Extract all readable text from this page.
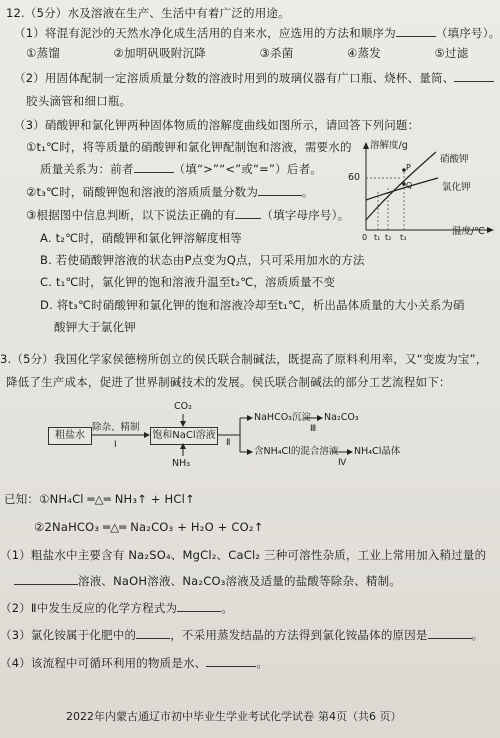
12.（5分）水及溶液在生产、生活中有着广泛的用途。
（1）将混有泥沙的天然水净化成生活用的自来水，应选用的方法和顺序为	（填序号）。
①蒸馏	②加明矾吸附沉降	③杀菌	④蒸发	⑤过滤
（2）用固体配制一定溶质质量分数的溶液时用到的玻璃仪器有广口瓶、烧杯、量筒、
胶头滴管和细口瓶。
（3）硝酸钾和氯化钾两种固体物质的溶解度曲线如图所示，请回答下列问题：
①t₁℃时，将等质量的硝酸钾和氯化钾配制饱和溶液，需要水的
质量关系为：前者	（填“>”“<”或“=”）后者。
②t₃℃时，硝酸钾饱和溶液的溶质质量分数为	。
③根据图中信息判断，以下说法正确的有 （填字母序号）。
A. t₂℃时，硝酸钾和氯化钾溶解度相等
B. 若使硝酸钾溶液的状态由P点变为Q点，只可采用加水的方法
C. t₁℃时，氯化钾的饱和溶液升温至t₂℃，溶质质量不变
D. 将t₃℃时硝酸钾和氯化钾的饱和溶液冷却至t₁℃，析出晶体质量的大小关系为硝
酸钾大于氯化钾
溶解度/g
60
硝酸钾
氯化钾
P
Q
温度/℃
0 t₁ t₂ t₃
3.（5分）我国化学家侯德榜所创立的侯氏联合制碱法，既提高了原料利用率，又“变废为宝”，
降低了生产成本，促进了世界制碱技术的发展。侯氏联合制碱法的部分工艺流程如下：
粗盐水
除杂、精制
Ⅰ
饱和NaCl溶液
CO₂
NH₃
Ⅱ
NaHCO₃沉淀 Na₂CO₃
Ⅲ
含NH₄Cl的混合溶液 NH₄Cl晶体
Ⅳ
已知：①NH₄Cl ═△═ NH₃↑ + HCl↑
②2NaHCO₃ ═△═ Na₂CO₃ + H₂O + CO₂↑
（1）粗盐水中主要含有 Na₂SO₄、MgCl₂、CaCl₂ 三种可溶性杂质，工业上常用加入稍过量的
溶液、NaOH溶液、Na₂CO₃溶液及适量的盐酸等除杂、精制。
（2）Ⅱ中发生反应的化学方程式为	。
（3）氯化铵属于化肥中的	，不采用蒸发结晶的方法得到氯化铵晶体的原因是	。
（4）该流程中可循环利用的物质是水、	。
2022年内蒙古通辽市初中毕业生学业考试化学试卷 第4页（共6 页）
